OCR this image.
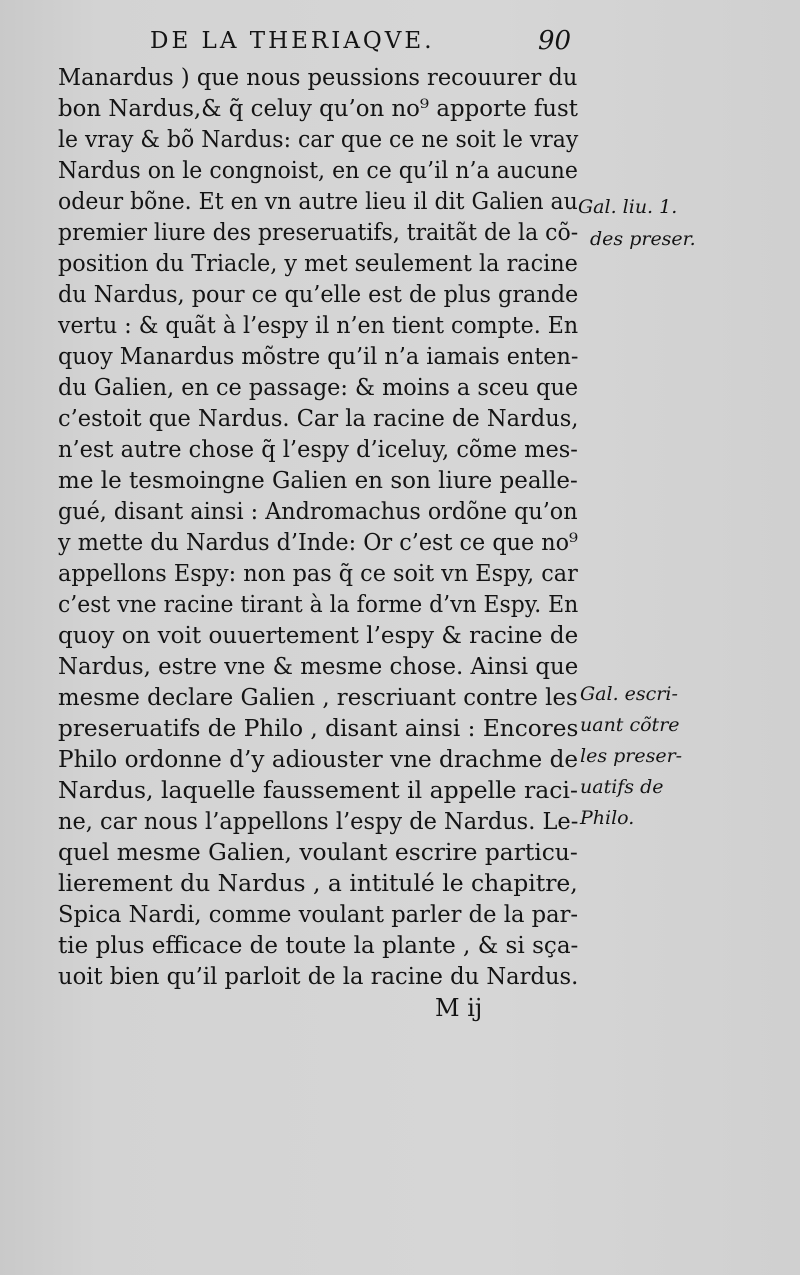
DE LA THERIAQVE.	90
Manardus ) que nous peussions recouurer du
bon Nardus,& q̃ celuy qu’on no⁹ apporte fust
le vray & bõ Nardus: car que ce ne soit le vray
Nardus on le congnoist, en ce qu’il n’a aucune
odeur bõne. Et en vn autre lieu il dit Galien au
premier liure des preseruatifs, traitãt de la cõ-
position du Triacle, y met seulement la racine
du Nardus, pour ce qu’elle est de plus grande
vertu : & quãt à l’espy il n’en tient compte. En
quoy Manardus mõstre qu’il n’a iamais enten-
du Galien, en ce passage: & moins a sceu que
c’estoit que Nardus. Car la racine de Nardus,
n’est autre chose q̃ l’espy d’iceluy, cõme mes-
me le tesmoingne Galien en son liure pealle-
gué, disant ainsi : Andromachus ordõne qu’on
y mette du Nardus d’Inde: Or c’est ce que no⁹
appellons Espy: non pas q̃ ce soit vn Espy, car
c’est vne racine tirant à la forme d’vn Espy. En
quoy on voit ouuertement l’espy & racine de
Nardus, estre vne & mesme chose. Ainsi que
mesme declare Galien , rescriuant contre les
preseruatifs de Philo , disant ainsi : Encores
Philo ordonne d’y adiouster vne drachme de
Nardus, laquelle faussement il appelle raci-
ne, car nous l’appellons l’espy de Nardus. Le-
quel mesme Galien, voulant escrire particu-
lierement du Nardus , a intitulé le chapitre,
Spica Nardi, comme voulant parler de la par-
tie plus efficace de toute la plante , & si sça-
uoit bien qu’il parloit de la racine du Nardus.
Gal. liu. 1.
des preser.
Gal. escri-
uant cõtre
les preser-
uatifs de
Philo.
M ij
